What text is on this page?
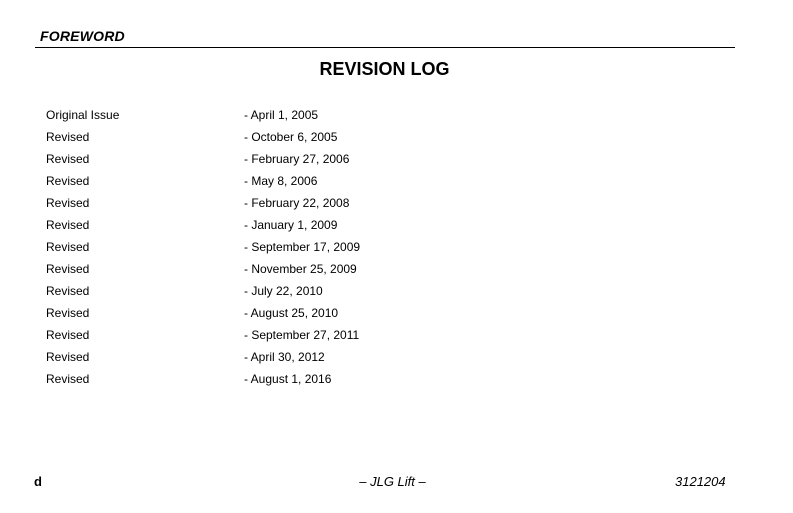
FOREWORD
REVISION LOG
Original Issue	- April 1, 2005
Revised	- October 6, 2005
Revised	- February 27, 2006
Revised	- May 8, 2006
Revised	- February 22, 2008
Revised	- January 1, 2009
Revised	- September 17, 2009
Revised	- November 25, 2009
Revised	- July 22, 2010
Revised	- August 25, 2010
Revised	- September 27, 2011
Revised	- April 30, 2012
Revised	- August 1, 2016
d	– JLG Lift –	3121204
